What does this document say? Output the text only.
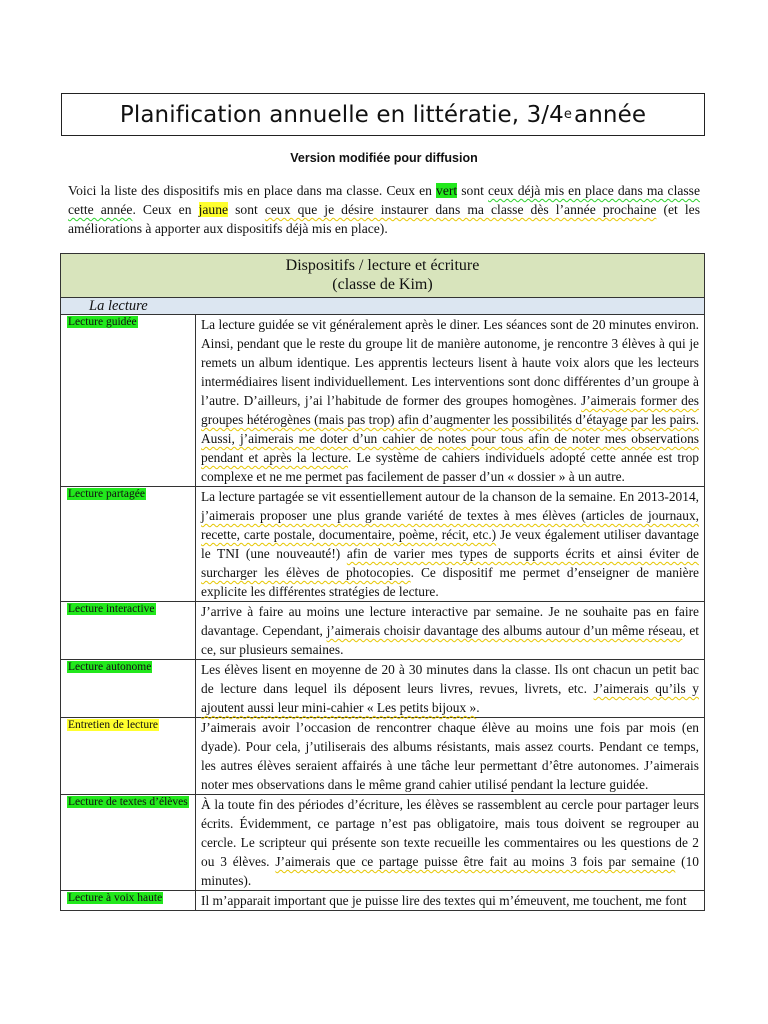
Planification annuelle en littératie, 3/4 e année
Version modifiée pour diffusion
Voici la liste des dispositifs mis en place dans ma classe. Ceux en vert sont ceux déjà mis en place dans ma classe cette année. Ceux en jaune sont ceux que je désire instaurer dans ma classe dès l’année prochaine (et les améliorations à apporter aux dispositifs déjà mis en place).
Dispositifs / lecture et écriture
(classe de Kim)	

La lecture	
Lecture guidée	La lecture guidée se vit généralement après le diner. Les séances sont de 20 minutes environ. Ainsi, pendant que le reste du groupe lit de manière autonome, je rencontre 3 élèves à qui je remets un album identique. Les apprentis lecteurs lisent à haute voix alors que les lecteurs intermédiaires lisent individuellement. Les interventions sont donc différentes d’un groupe à l’autre. D’ailleurs, j’ai l’habitude de former des groupes homogènes. J’aimerais former des groupes hétérogènes (mais pas trop) afin d’augmenter les possibilités d’étayage par les pairs. Aussi, j’aimerais me doter d’un cahier de notes pour tous afin de noter mes observations pendant et après la lecture. Le système de cahiers individuels adopté cette année est trop complexe et ne me permet pas facilement de passer d’un « dossier » à un autre.
Lecture partagée	La lecture partagée se vit essentiellement autour de la chanson de la semaine. En 2013-2014, j’aimerais proposer une plus grande variété de textes à mes élèves (articles de journaux, recette, carte postale, documentaire, poème, récit, etc.) Je veux également utiliser davantage le TNI (une nouveauté!) afin de varier mes types de supports écrits et ainsi éviter de surcharger les élèves de photocopies. Ce dispositif me permet d’enseigner de manière explicite les différentes stratégies de lecture.
Lecture interactive	J’arrive à faire au moins une lecture interactive par semaine. Je ne souhaite pas en faire davantage. Cependant, j’aimerais choisir davantage des albums autour d’un même réseau, et ce, sur plusieurs semaines.
Lecture autonome	Les élèves lisent en moyenne de 20 à 30 minutes dans la classe. Ils ont chacun un petit bac de lecture dans lequel ils déposent leurs livres, revues, livrets, etc. J’aimerais qu’ils y ajoutent aussi leur mini-cahier « Les petits bijoux ».
Entretien de lecture	J’aimerais avoir l’occasion de rencontrer chaque élève au moins une fois par mois (en dyade). Pour cela, j’utiliserais des albums résistants, mais assez courts. Pendant ce temps, les autres élèves seraient affairés à une tâche leur permettant d’être autonomes. J’aimerais noter mes observations dans le même grand cahier utilisé pendant la lecture guidée.
Lecture de textes d’élèves	À la toute fin des périodes d’écriture, les élèves se rassemblent au cercle pour partager leurs écrits. Évidemment, ce partage n’est pas obligatoire, mais tous doivent se regrouper au cercle. Le scripteur qui présente son texte recueille les commentaires ou les questions de 2 ou 3 élèves. J’aimerais que ce partage puisse être fait au moins 3 fois par semaine (10 minutes).
Lecture à voix haute	Il m’apparait important que je puisse lire des textes qui m’émeuvent, me touchent, me font
